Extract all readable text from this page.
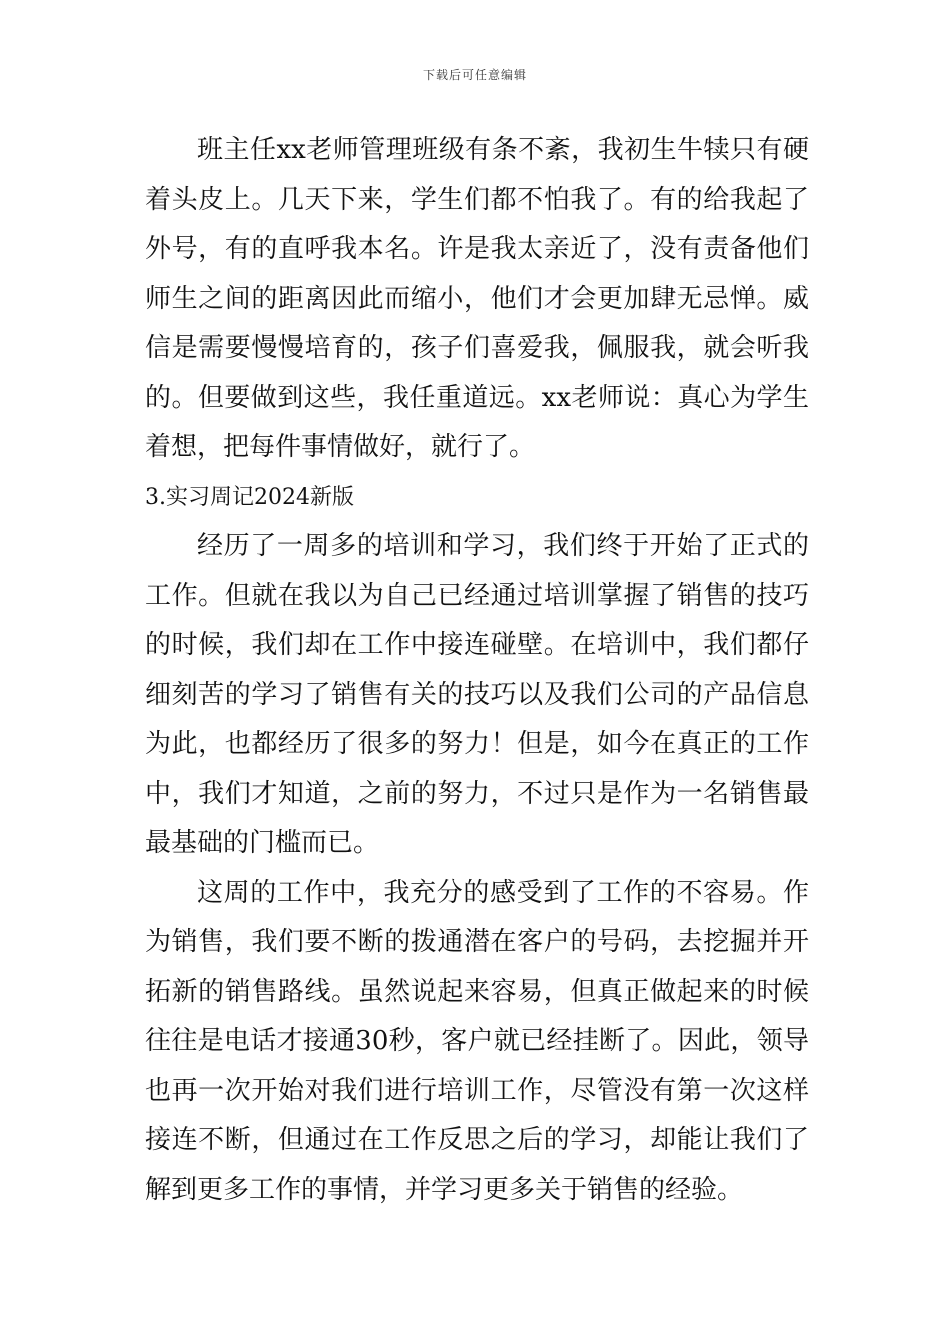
下载后可任意编辑

班主任xx老师管理班级有条不紊，我初生牛犊只有硬着头皮上。几天下来，学生们都不怕我了。有的给我起了外号，有的直呼我本名。许是我太亲近了，没有责备他们师生之间的距离因此而缩小，他们才会更加肆无忌惮。威信是需要慢慢培育的，孩子们喜爱我，佩服我，就会听我的。但要做到这些，我任重道远。xx老师说：真心为学生着想，把每件事情做好，就行了。

3.实习周记2024新版

经历了一周多的培训和学习，我们终于开始了正式的工作。但就在我以为自己已经通过培训掌握了销售的技巧的时候，我们却在工作中接连碰壁。在培训中，我们都仔细刻苦的学习了销售有关的技巧以及我们公司的产品信息为此，也都经历了很多的努力！但是，如今在真正的工作中，我们才知道，之前的努力，不过只是作为一名销售最最基础的门槛而已。

这周的工作中，我充分的感受到了工作的不容易。作为销售，我们要不断的拨通潜在客户的号码，去挖掘并开拓新的销售路线。虽然说起来容易，但真正做起来的时候往往是电话才接通30秒，客户就已经挂断了。因此，领导也再一次开始对我们进行培训工作，尽管没有第一次这样接连不断，但通过在工作反思之后的学习，却能让我们了解到更多工作的事情，并学习更多关于销售的经验。
